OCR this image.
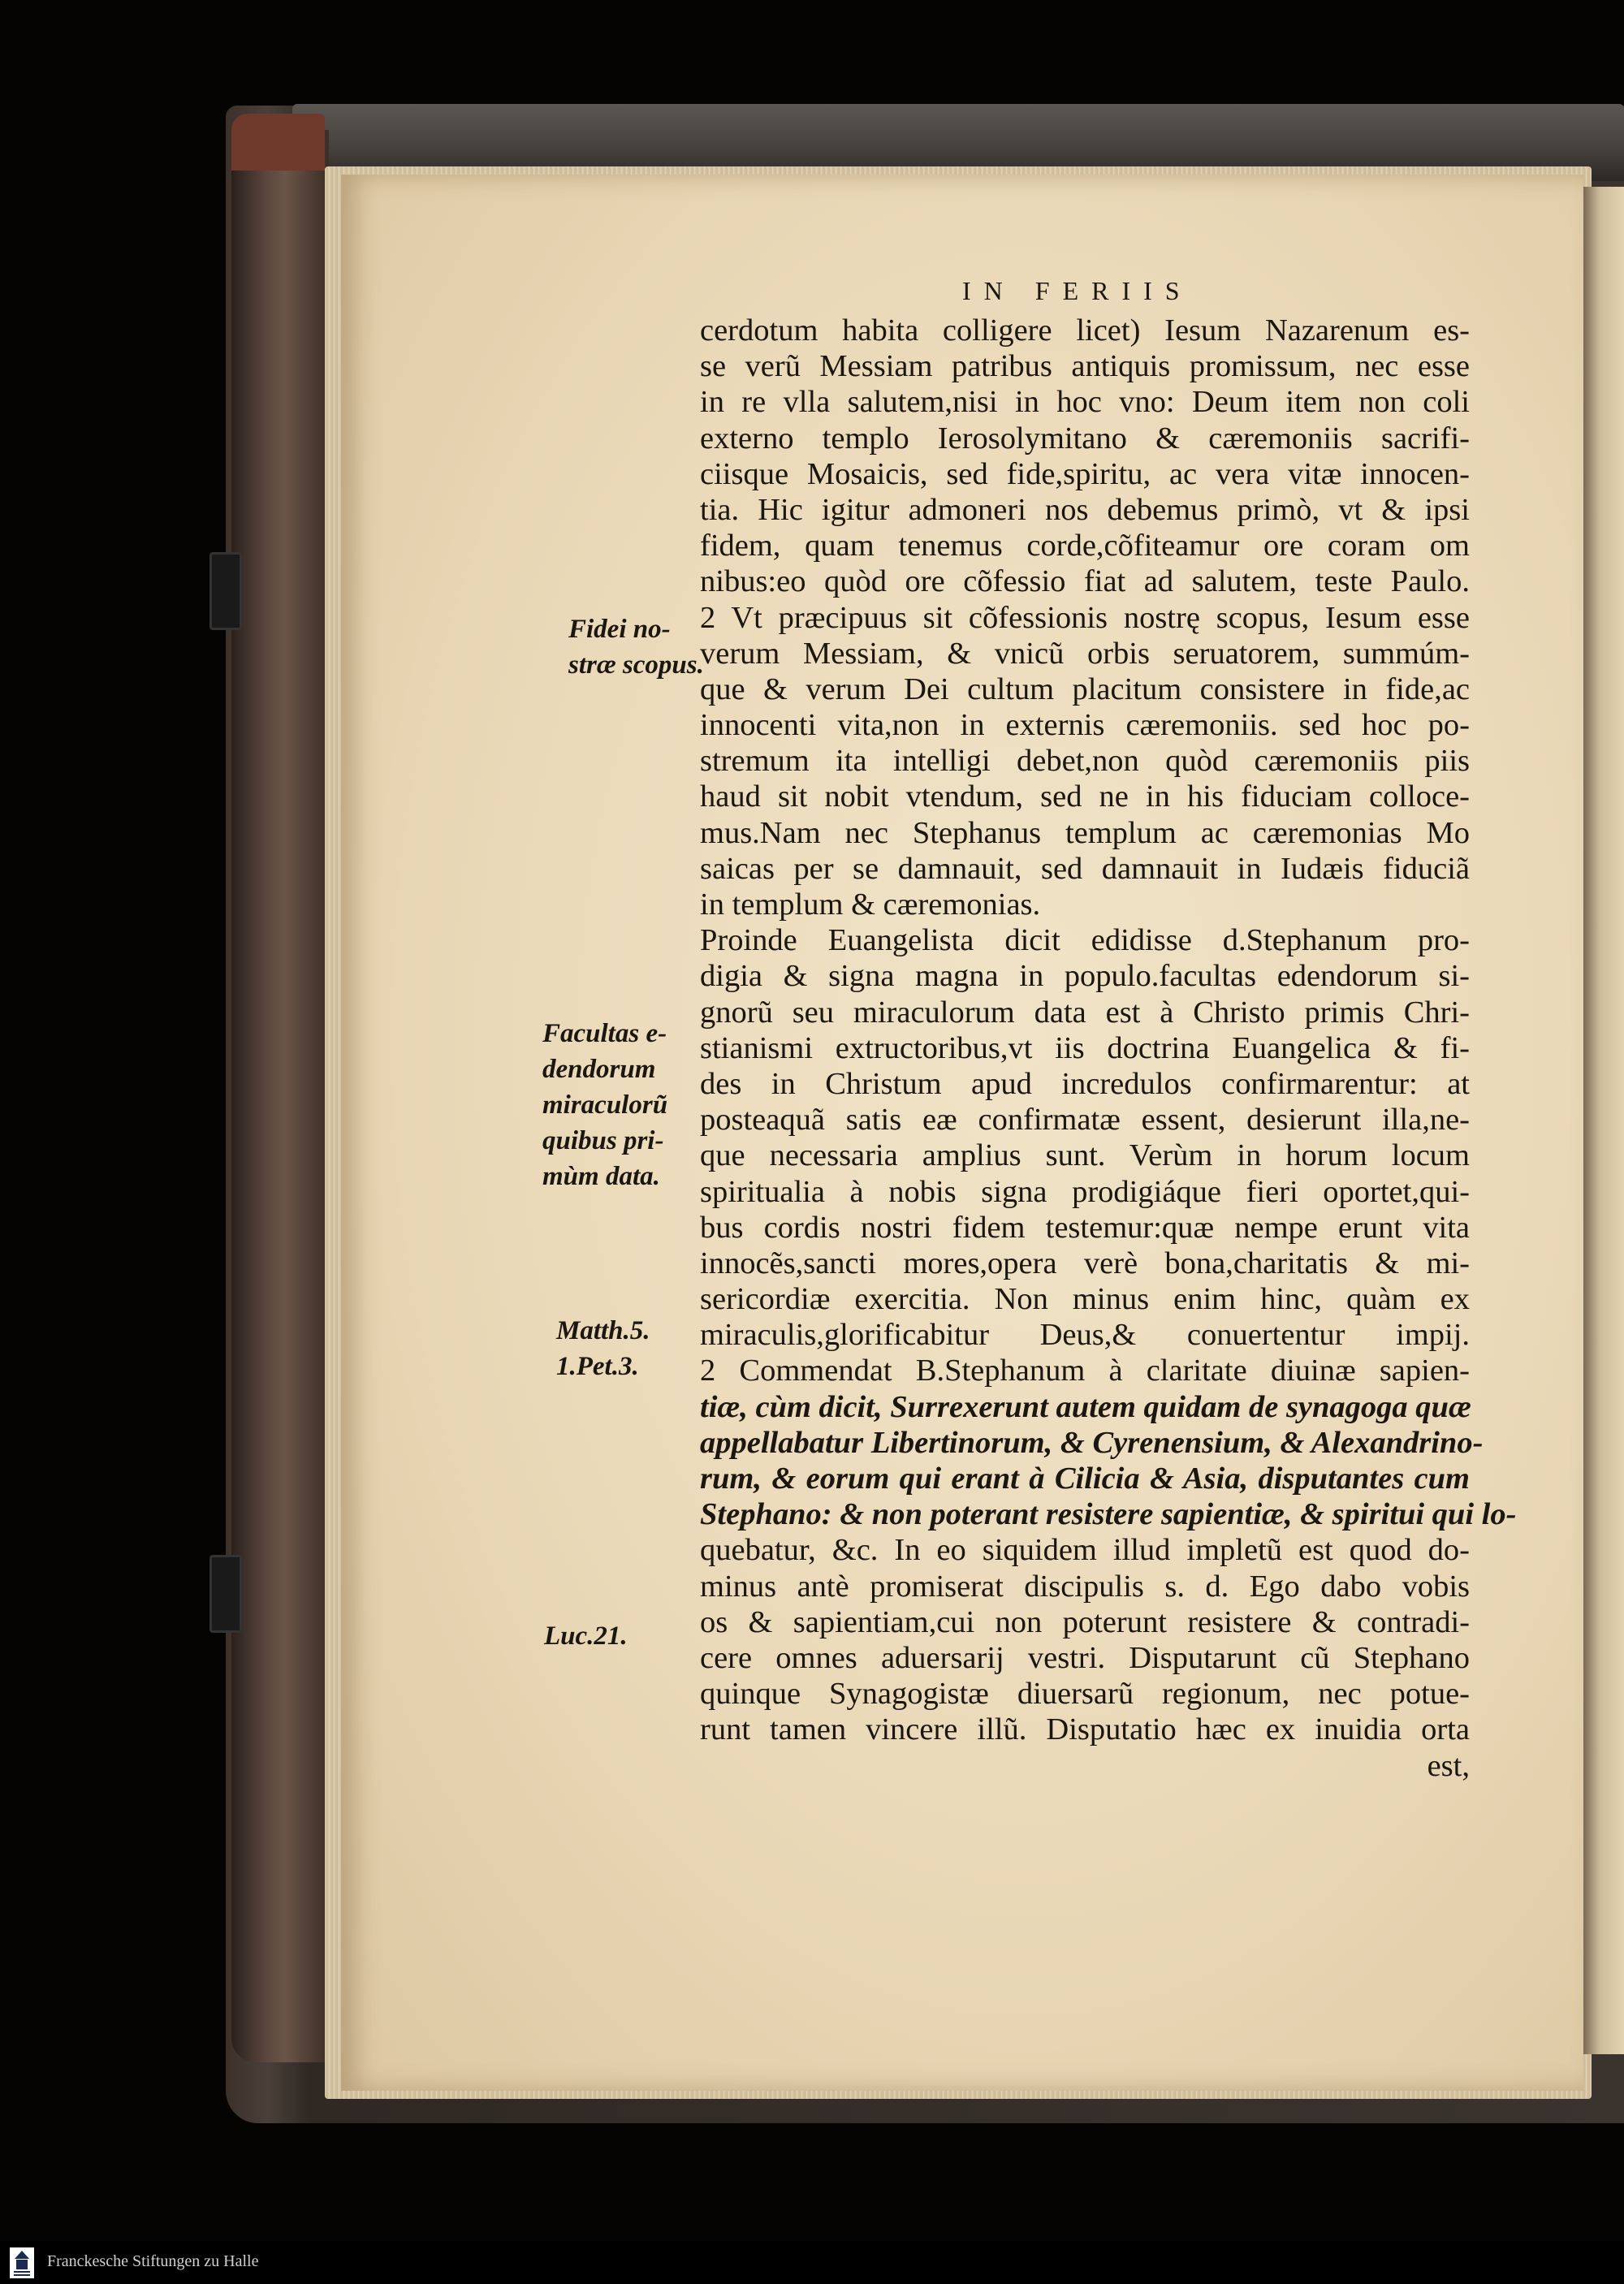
IN FERIIS
cerdotum habita colligere licet) Iesum Nazarenum es-
se verũ Messiam patribus antiquis promissum, nec esse
in re vlla salutem,nisi in hoc vno: Deum item non coli
externo templo Ierosolymitano & cæremoniis sacrifi-
ciisque Mosaicis, sed fide,spiritu, ac vera vitæ innocen-
tia. Hic igitur admoneri nos debemus primò, vt & ipsi
fidem, quam tenemus corde,cõfiteamur ore coram om
nibus:eo quòd ore cõfessio fiat ad salutem, teste Paulo.
2 Vt præcipuus sit cõfessionis nostrę scopus, Iesum esse
verum Messiam, & vnicũ orbis seruatorem, summúm-
que & verum Dei cultum placitum consistere in fide,ac
innocenti vita,non in externis cæremoniis. sed hoc po-
stremum ita intelligi debet,non quòd cæremoniis piis
haud sit nobit vtendum, sed ne in his fiduciam colloce-
mus.Nam nec Stephanus templum ac cæremonias Mo
saicas per se damnauit, sed damnauit in Iudæis fiduciã
in templum & cæremonias.
Proinde Euangelista dicit edidisse d.Stephanum pro-
digia & signa magna in populo.facultas edendorum si-
gnorũ seu miraculorum data est à Christo primis Chri-
stianismi extructoribus,vt iis doctrina Euangelica & fi-
des in Christum apud incredulos confirmarentur: at
posteaquã satis eæ confirmatæ essent, desierunt illa,ne-
que necessaria amplius sunt. Verùm in horum locum
spiritualia à nobis signa prodigiáque fieri oportet,qui-
bus cordis nostri fidem testemur:quæ nempe erunt vita
innocẽs,sancti mores,opera verè bona,charitatis & mi-
sericordiæ exercitia. Non minus enim hinc, quàm ex
miraculis,glorificabitur Deus,& conuertentur impij.
2 Commendat B.Stephanum à claritate diuinæ sapien-
tiæ, cùm dicit, Surrexerunt autem quidam de synagoga quæ
appellabatur Libertinorum, & Cyrenensium, & Alexandrino-
rum, & eorum qui erant à Cilicia & Asia, disputantes cum
Stephano: & non poterant resistere sapientiæ, & spiritui qui lo-
quebatur, &c. In eo siquidem illud impletũ est quod do-
minus antè promiserat discipulis s. d. Ego dabo vobis
os & sapientiam,cui non poterunt resistere & contradi-
cere omnes aduersarij vestri. Disputarunt cũ Stephano
quinque Synagogistæ diuersarũ regionum, nec potue-
runt tamen vincere illũ. Disputatio hæc ex inuidia orta
est,
Fidei no-
stræ scopus.
Facultas e-
dendorum
miraculorũ
quibus pri-
mùm data.
Matth.5.
1.Pet.3.
Luc.21.
Franckesche Stiftungen zu Halle
